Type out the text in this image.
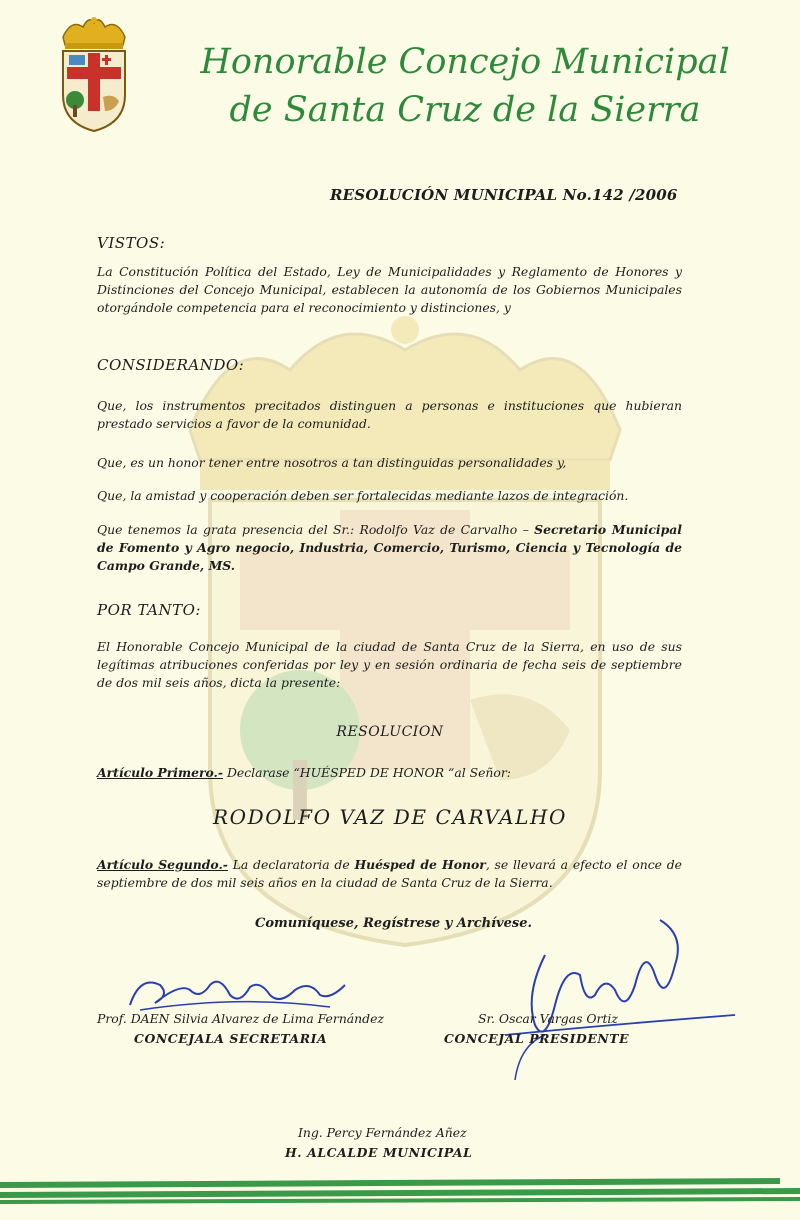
Honorable Concejo Municipal
de Santa Cruz de la Sierra
RESOLUCIÓN MUNICIPAL No.142 /2006
VISTOS:
La Constitución Política del Estado, Ley de Municipalidades y Reglamento de Honores y Distinciones del Concejo Municipal, establecen la autonomía de los Gobiernos Municipales otorgándole competencia para el reconocimiento y distinciones, y
CONSIDERANDO:
Que, los instrumentos precitados distinguen a personas e instituciones que hubieran prestado servicios a favor de la comunidad.
Que, es un honor tener entre nosotros a tan distinguidas personalidades y,
Que, la amistad y cooperación deben ser fortalecidas mediante lazos de integración.
Que tenemos la grata presencia del Sr.: Rodolfo Vaz de Carvalho – Secretario Municipal de Fomento y Agro negocio, Industria, Comercio, Turismo, Ciencia y Tecnología de Campo Grande, MS.
POR TANTO:
El Honorable Concejo Municipal de la ciudad de Santa Cruz de la Sierra, en uso de sus legítimas atribuciones conferidas por ley y en sesión ordinaria de fecha seis de septiembre de dos mil seis años, dicta la presente:
RESOLUCION
Artículo Primero.- Declarase “HUÉSPED DE HONOR “al Señor:
RODOLFO VAZ DE CARVALHO
Artículo Segundo.- La declaratoria de Huésped de Honor, se llevará a efecto el once de septiembre de dos mil seis años en la ciudad de Santa Cruz de la Sierra.
Comuníquese, Regístrese y Archívese.
Prof. DAEN Silvia Alvarez de Lima Fernández
CONCEJALA SECRETARIA
Sr. Oscar Vargas Ortiz
CONCEJAL PRESIDENTE
Ing. Percy Fernández Añez
H. ALCALDE MUNICIPAL
